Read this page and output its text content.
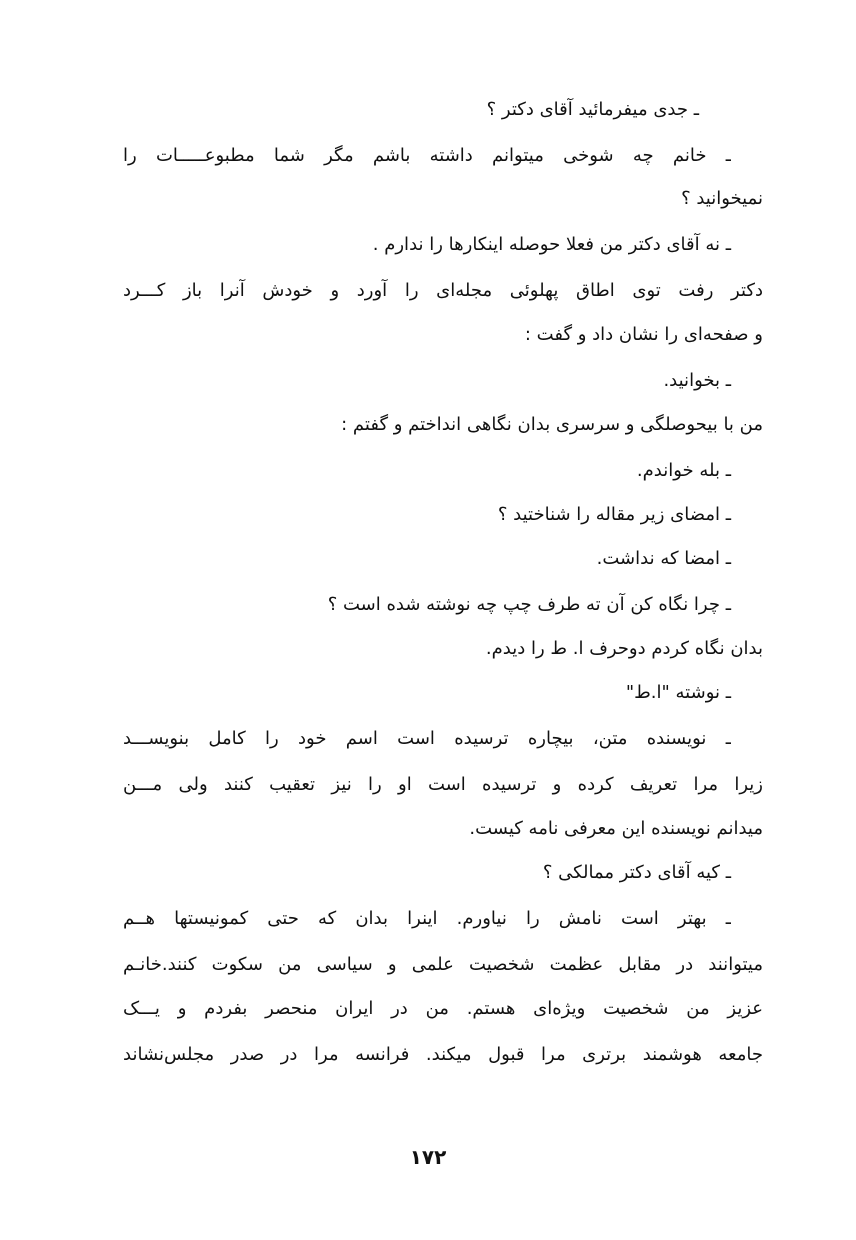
ـ جدی میفرمائید آقای دکتر ؟
ـ خانم چه شوخی میتوانم داشته باشم مگر شما مطبوعـــــات را
نمیخوانید ؟
ـ نه آقای دکتر من فعلا حوصله اینکارها را ندارم .
دکتر رفت توی اطاق پهلوئی مجله‌ای را آورد و خودش آنرا باز کـــرد
و صفحه‌ای را نشان داد و گفت :
ـ بخوانید.
من با بیحوصلگی و سرسری بدان نگاهی انداختم و گفتم :
ـ بله خواندم.
ـ امضای زیر مقاله را شناختید ؟
ـ امضا که نداشت.
ـ چرا نگاه کن آن ته طرف چپ چه نوشته شده است ؟
بدان نگاه کردم دوحرف ا. ط را دیدم.
ـ نوشته "ا.ط"
ـ نویسنده متن، بیچاره ترسیده است اسم خود را کامل بنویســـد
زیرا مرا تعریف کرده و ترسیده است او را نیز تعقیب کنند ولی مـــن
میدانم نویسنده این معرفی نامه کیست.
ـ کیه آقای دکتر ممالکی ؟
ـ بهتر است نامش را نیاورم. اینرا بدان که حتی کمونیستها هــم
میتوانند در مقابل عظمت شخصیت علمی و سیاسی من سکوت کنند.خانـم
عزیز من شخصیت ویژه‌ای هستم. من در ایران منحصر بفردم و یـــک
جامعه هوشمند برتری مرا قبول میکند. فرانسه مرا در صدر مجلس‌نشاند
۱۷۲
